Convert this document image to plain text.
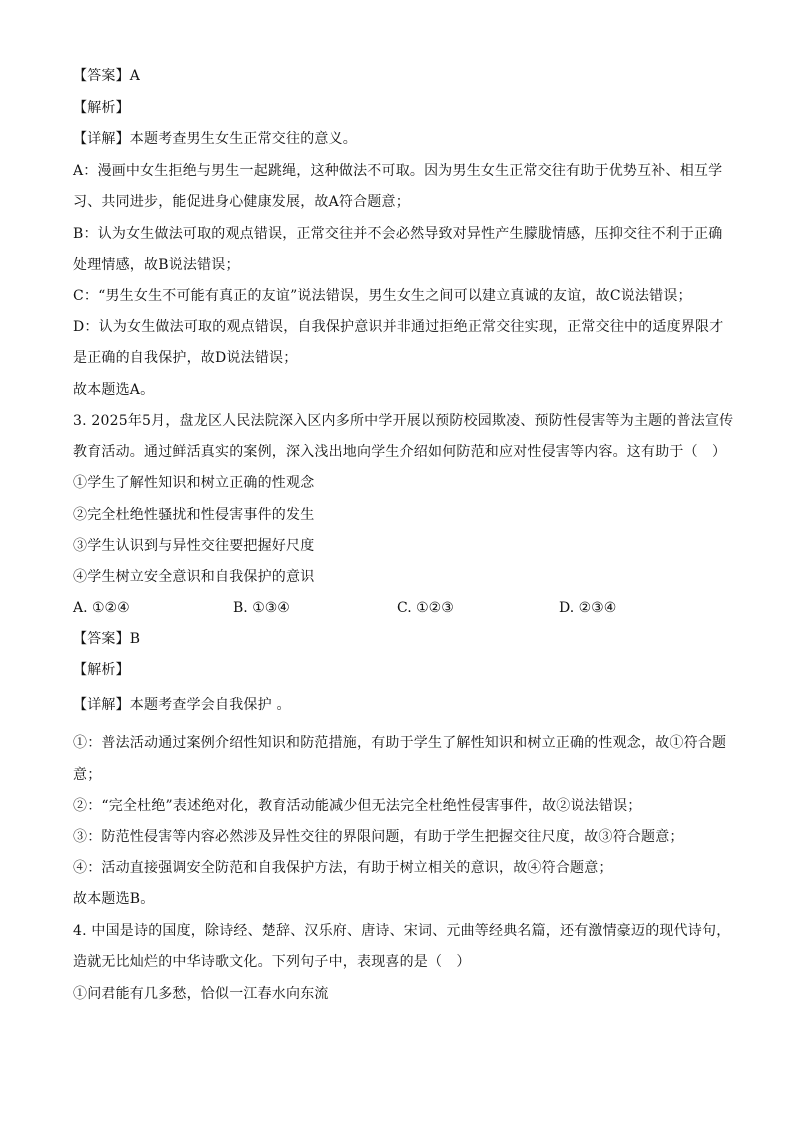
【答案】A
【解析】
【详解】本题考查男生女生正常交往的意义。
A：漫画中女生拒绝与男生一起跳绳，这种做法不可取。因为男生女生正常交往有助于优势互补、相互学
习、共同进步，能促进身心健康发展，故A符合题意；
B：认为女生做法可取的观点错误，正常交往并不会必然导致对异性产生朦胧情感，压抑交往不利于正确
处理情感，故B说法错误；
C：“男生女生不可能有真正的友谊”说法错误，男生女生之间可以建立真诚的友谊，故C说法错误；
D：认为女生做法可取的观点错误，自我保护意识并非通过拒绝正常交往实现，正常交往中的适度界限才
是正确的自我保护，故D说法错误；
故本题选A。
3. 2025年5月，盘龙区人民法院深入区内多所中学开展以预防校园欺凌、预防性侵害等为主题的普法宣传
教育活动。通过鲜活真实的案例，深入浅出地向学生介绍如何防范和应对性侵害等内容。这有助于（　）
①学生了解性知识和树立正确的性观念
②完全杜绝性骚扰和性侵害事件的发生
③学生认识到与异性交往要把握好尺度
④学生树立安全意识和自我保护的意识
A. ①②④	B. ①③④	C. ①②③	D. ②③④
【答案】B
【解析】
【详解】本题考查学会自我保护 。
①：普法活动通过案例介绍性知识和防范措施，有助于学生了解性知识和树立正确的性观念，故①符合题
意；
②：“完全杜绝”表述绝对化，教育活动能减少但无法完全杜绝性侵害事件，故②说法错误；
③：防范性侵害等内容必然涉及异性交往的界限问题，有助于学生把握交往尺度，故③符合题意；
④：活动直接强调安全防范和自我保护方法，有助于树立相关的意识，故④符合题意；
故本题选B。
4. 中国是诗的国度，除诗经、楚辞、汉乐府、唐诗、宋词、元曲等经典名篇，还有激情豪迈的现代诗句，
造就无比灿烂的中华诗歌文化。下列句子中，表现喜的是（　）
①问君能有几多愁，恰似一江春水向东流
